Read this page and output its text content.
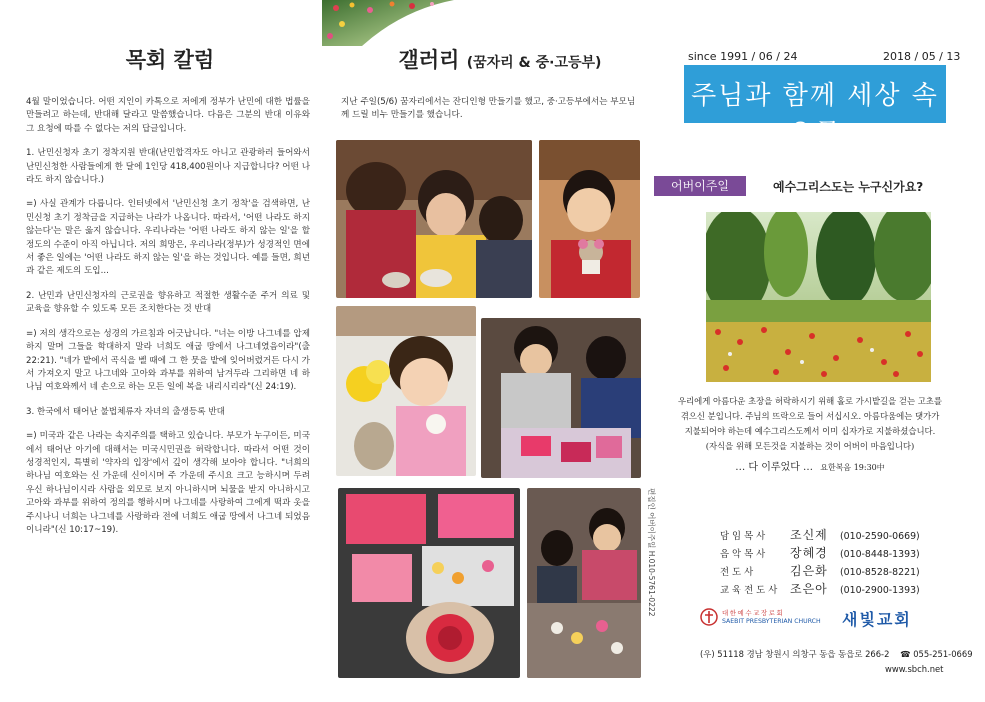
목회 칼럼

4월 말이었습니다. 어떤 지인이 카톡으로 저에게 정부가 난민에 대한 법률을 만들려고 하는데, 반대해 달라고 말씀했습니다. 다음은 그분의 반대 이유와 그 요청에 따를 수 없다는 저의 답글입니다.

1. 난민신청자 초기 정착지원 반대(난민합격자도 아니고 관광하러 들어와서 난민신청한 사람들에게 한 달에 1인당 418,400원이나 지급합니다? 어떤 나라도 하지 않습니다.)

=) 사실 관계가 다릅니다. 인터넷에서 '난민신청 초기 정착'을 검색하면, 난민신청 초기 정착금을 지급하는 나라가 나옵니다. 따라서, '어떤 나라도 하지 않는다'는 말은 옳지 않습니다. 우리나라는 '어떤 나라도 하지 않는 일'을 할 정도의 수준이 아직 아닙니다. 저의 희망은, 우리나라(정부)가 성경적인 면에서 좋은 일에는 '어떤 나라도 하지 않는 일'을 하는 것입니다. 예를 들면, 희년과 같은 제도의 도입...

2. 난민과 난민신청자의 근로권을 향유하고 적절한 생활수준 주거 의료 및 교육을 향유할 수 있도록 모든 조치한다는 것 반대

=) 저의 생각으로는 성경의 가르침과 어긋납니다. "너는 이방 나그네를 압제하지 말며 그들을 학대하지 말라 너희도 애굽 땅에서 나그네였음이라"(출 22:21). "네가 밭에서 곡식을 벨 때에 그 한 뭇을 밭에 잊어버렸거든 다시 가서 가져오지 말고 나그네와 고아와 과부를 위하여 남겨두라 그리하면 네 하나님 여호와께서 네 손으로 하는 모든 일에 복을 내리시리라"(신 24:19).

3. 한국에서 태어난 불법체류자 자녀의 출생등록 반대

=) 미국과 같은 나라는 속지주의를 택하고 있습니다. 부모가 누구이든, 미국에서 태어난 아기에 대해서는 미국시민권을 허락합니다. 따라서 어떤 것이 성경적인지, 특별히 '약자의 입장'에서 깊이 생각해 보아야 합니다. "너희의 하나님 여호와는 신 가운데 신이시며 주 가운데 주시요 크고 능하시며 두려우신 하나님이시라 사람을 외모로 보지 아니하시며 뇌물을 받지 아니하시고 고아와 과부를 위하여 정의를 행하시며 나그네를 사랑하여 그에게 떡과 옷을 주시나니 너희는 나그네를 사랑하라 전에 너희도 애굽 땅에서 나그네 되었음이니라"(신 10:17~19).

갤러리 (꿈자리 & 중·고등부)
지난 주일(5/6) 꿈자리에서는 잔디인형 만들기를 했고, 중·고등부에서는 부모님께 드릴 비누 만들기를 했습니다.
편집인 어버이주일 H.010-5761-0222
since 1991 / 06 / 24	2018 / 05 / 13
주님과 함께 세상 속으로
어버이주일	예수그리스도는 누구신가요?
우리에게 아름다운 초장을 허락하시기 위해 홀로 가시밭길을 걷는 고초를
겪으신 분입니다. 주님의 뜨락으로 들어 서십시오. 아름다움에는 댓가가
지불되어야 하는데 예수그리스도께서 이미 십자가로 지불하셨습니다.
(자식을 위해 모든것을 지불하는 것이 어버이 마음입니다)
… 다 이루었다 … 요한복음 19:30中
담임목사 조신제 (010-2590-0669)
음악목사 장혜경 (010-8448-1393)
전도사	김은화 (010-8528-8221)
교육전도사 조은아 (010-2900-1393)
대한예수교장로회
SAEBIT PRESBYTERIAN CHURCH 새빛교회
(우) 51118 경남 창원시 의창구 동읍 동읍로 266-2 ☎ 055-251-0669
www.sbch.net
